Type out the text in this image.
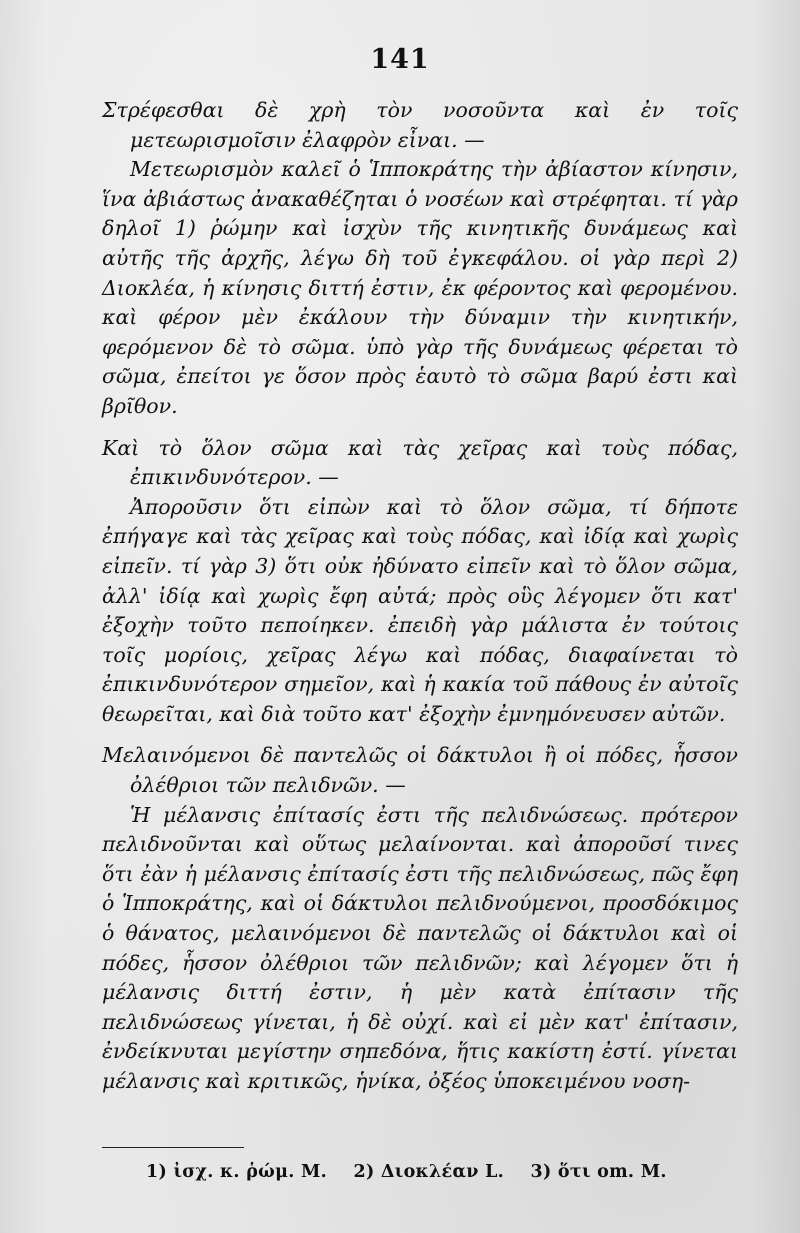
141

Στρέφεσθαι δὲ χρὴ τὸν νοσοῦντα καὶ ἐν τοῖς μετεωρισμοῖσιν ἐλαφρὸν εἶναι. —

Μετεωρισμὸν καλεῖ ὁ Ἱπποκράτης τὴν ἀβίαστον κίνησιν, ἵνα ἀβιάστως ἀνακαθέζηται ὁ νοσέων καὶ στρέφηται. τί γὰρ δηλοῖ 1) ῥώμην καὶ ἰσχὺν τῆς κινητικῆς δυνάμεως καὶ αὐτῆς τῆς ἀρχῆς, λέγω δὴ τοῦ ἐγκεφάλου. οἱ γὰρ περὶ 2) Διοκλέα, ἡ κίνησις διττή ἐστιν, ἐκ φέροντος καὶ φερομένου. καὶ φέρον μὲν ἐκάλουν τὴν δύναμιν τὴν κινητικήν, φερόμενον δὲ τὸ σῶμα. ὑπὸ γὰρ τῆς δυνάμεως φέρεται τὸ σῶμα, ἐπείτοι γε ὅσον πρὸς ἑαυτὸ τὸ σῶμα βαρύ ἐστι καὶ βρῖθον.

Καὶ τὸ ὅλον σῶμα καὶ τὰς χεῖρας καὶ τοὺς πόδας, ἐπικινδυνότερον. —

Ἀποροῦσιν ὅτι εἰπὼν καὶ τὸ ὅλον σῶμα, τί δήποτε ἐπήγαγε καὶ τὰς χεῖρας καὶ τοὺς πόδας, καὶ ἰδίᾳ καὶ χωρὶς εἰπεῖν. τί γὰρ 3) ὅτι οὐκ ἠδύνατο εἰπεῖν καὶ τὸ ὅλον σῶμα, ἀλλ' ἰδίᾳ καὶ χωρὶς ἔφη αὐτά; πρὸς οὓς λέγομεν ὅτι κατ' ἐξοχὴν τοῦτο πεποίηκεν. ἐπειδὴ γὰρ μάλιστα ἐν τούτοις τοῖς μορίοις, χεῖρας λέγω καὶ πόδας, διαφαίνεται τὸ ἐπικινδυνότερον σημεῖον, καὶ ἡ κακία τοῦ πάθους ἐν αὐτοῖς θεωρεῖται, καὶ διὰ τοῦτο κατ' ἐξοχὴν ἐμνημόνευσεν αὐτῶν.

Μελαινόμενοι δὲ παντελῶς οἱ δάκτυλοι ἢ οἱ πόδες, ἧσσον ὀλέθριοι τῶν πελιδνῶν. —

Ἡ μέλανσις ἐπίτασίς ἐστι τῆς πελιδνώσεως. πρότερον πελιδνοῦνται καὶ οὕτως μελαίνονται. καὶ ἀποροῦσί τινες ὅτι ἐὰν ἡ μέλανσις ἐπίτασίς ἐστι τῆς πελιδνώσεως, πῶς ἔφη ὁ Ἱπποκράτης, καὶ οἱ δάκτυλοι πελιδνούμενοι, προσδόκιμος ὁ θάνατος, μελαινόμενοι δὲ παντελῶς οἱ δάκτυλοι καὶ οἱ πόδες, ἧσσον ὀλέθριοι τῶν πελιδνῶν; καὶ λέγομεν ὅτι ἡ μέλανσις διττή ἐστιν, ἡ μὲν κατὰ ἐπίτασιν τῆς πελιδνώσεως γίνεται, ἡ δὲ οὐχί. καὶ εἰ μὲν κατ' ἐπίτασιν, ἐνδείκνυται μεγίστην σηπεδόνα, ἥτις κακίστη ἐστί. γίνεται μέλανσις καὶ κριτικῶς, ἡνίκα, ὀξέος ὑποκειμένου νοση-

1) ἰσχ. κ. ῥώμ. M. 2) Διοκλέαν L. 3) ὅτι om. M.
